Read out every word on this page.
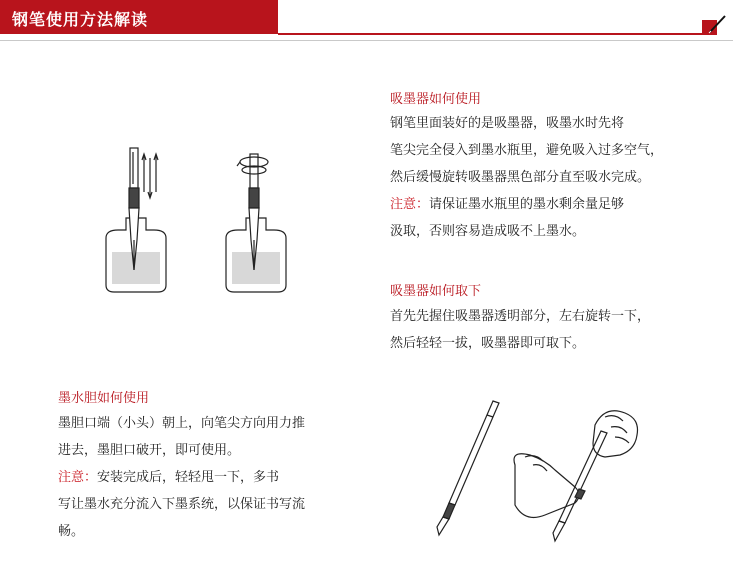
钢笔使用方法解读
吸墨器如何使用
钢笔里面装好的是吸墨器，吸墨水时先将
笔尖完全侵入到墨水瓶里，避免吸入过多空气，
然后缓慢旋转吸墨器黑色部分直至吸水完成。
注意：请保证墨水瓶里的墨水剩余量足够
汲取，否则容易造成吸不上墨水。
吸墨器如何取下
首先先握住吸墨器透明部分，左右旋转一下，
然后轻轻一拔，吸墨器即可取下。
墨水胆如何使用
墨胆口端（小头）朝上，向笔尖方向用力推
进去，墨胆口破开，即可使用。
注意：安装完成后，轻轻甩一下，多书
写让墨水充分流入下墨系统，以保证书写流
畅。
